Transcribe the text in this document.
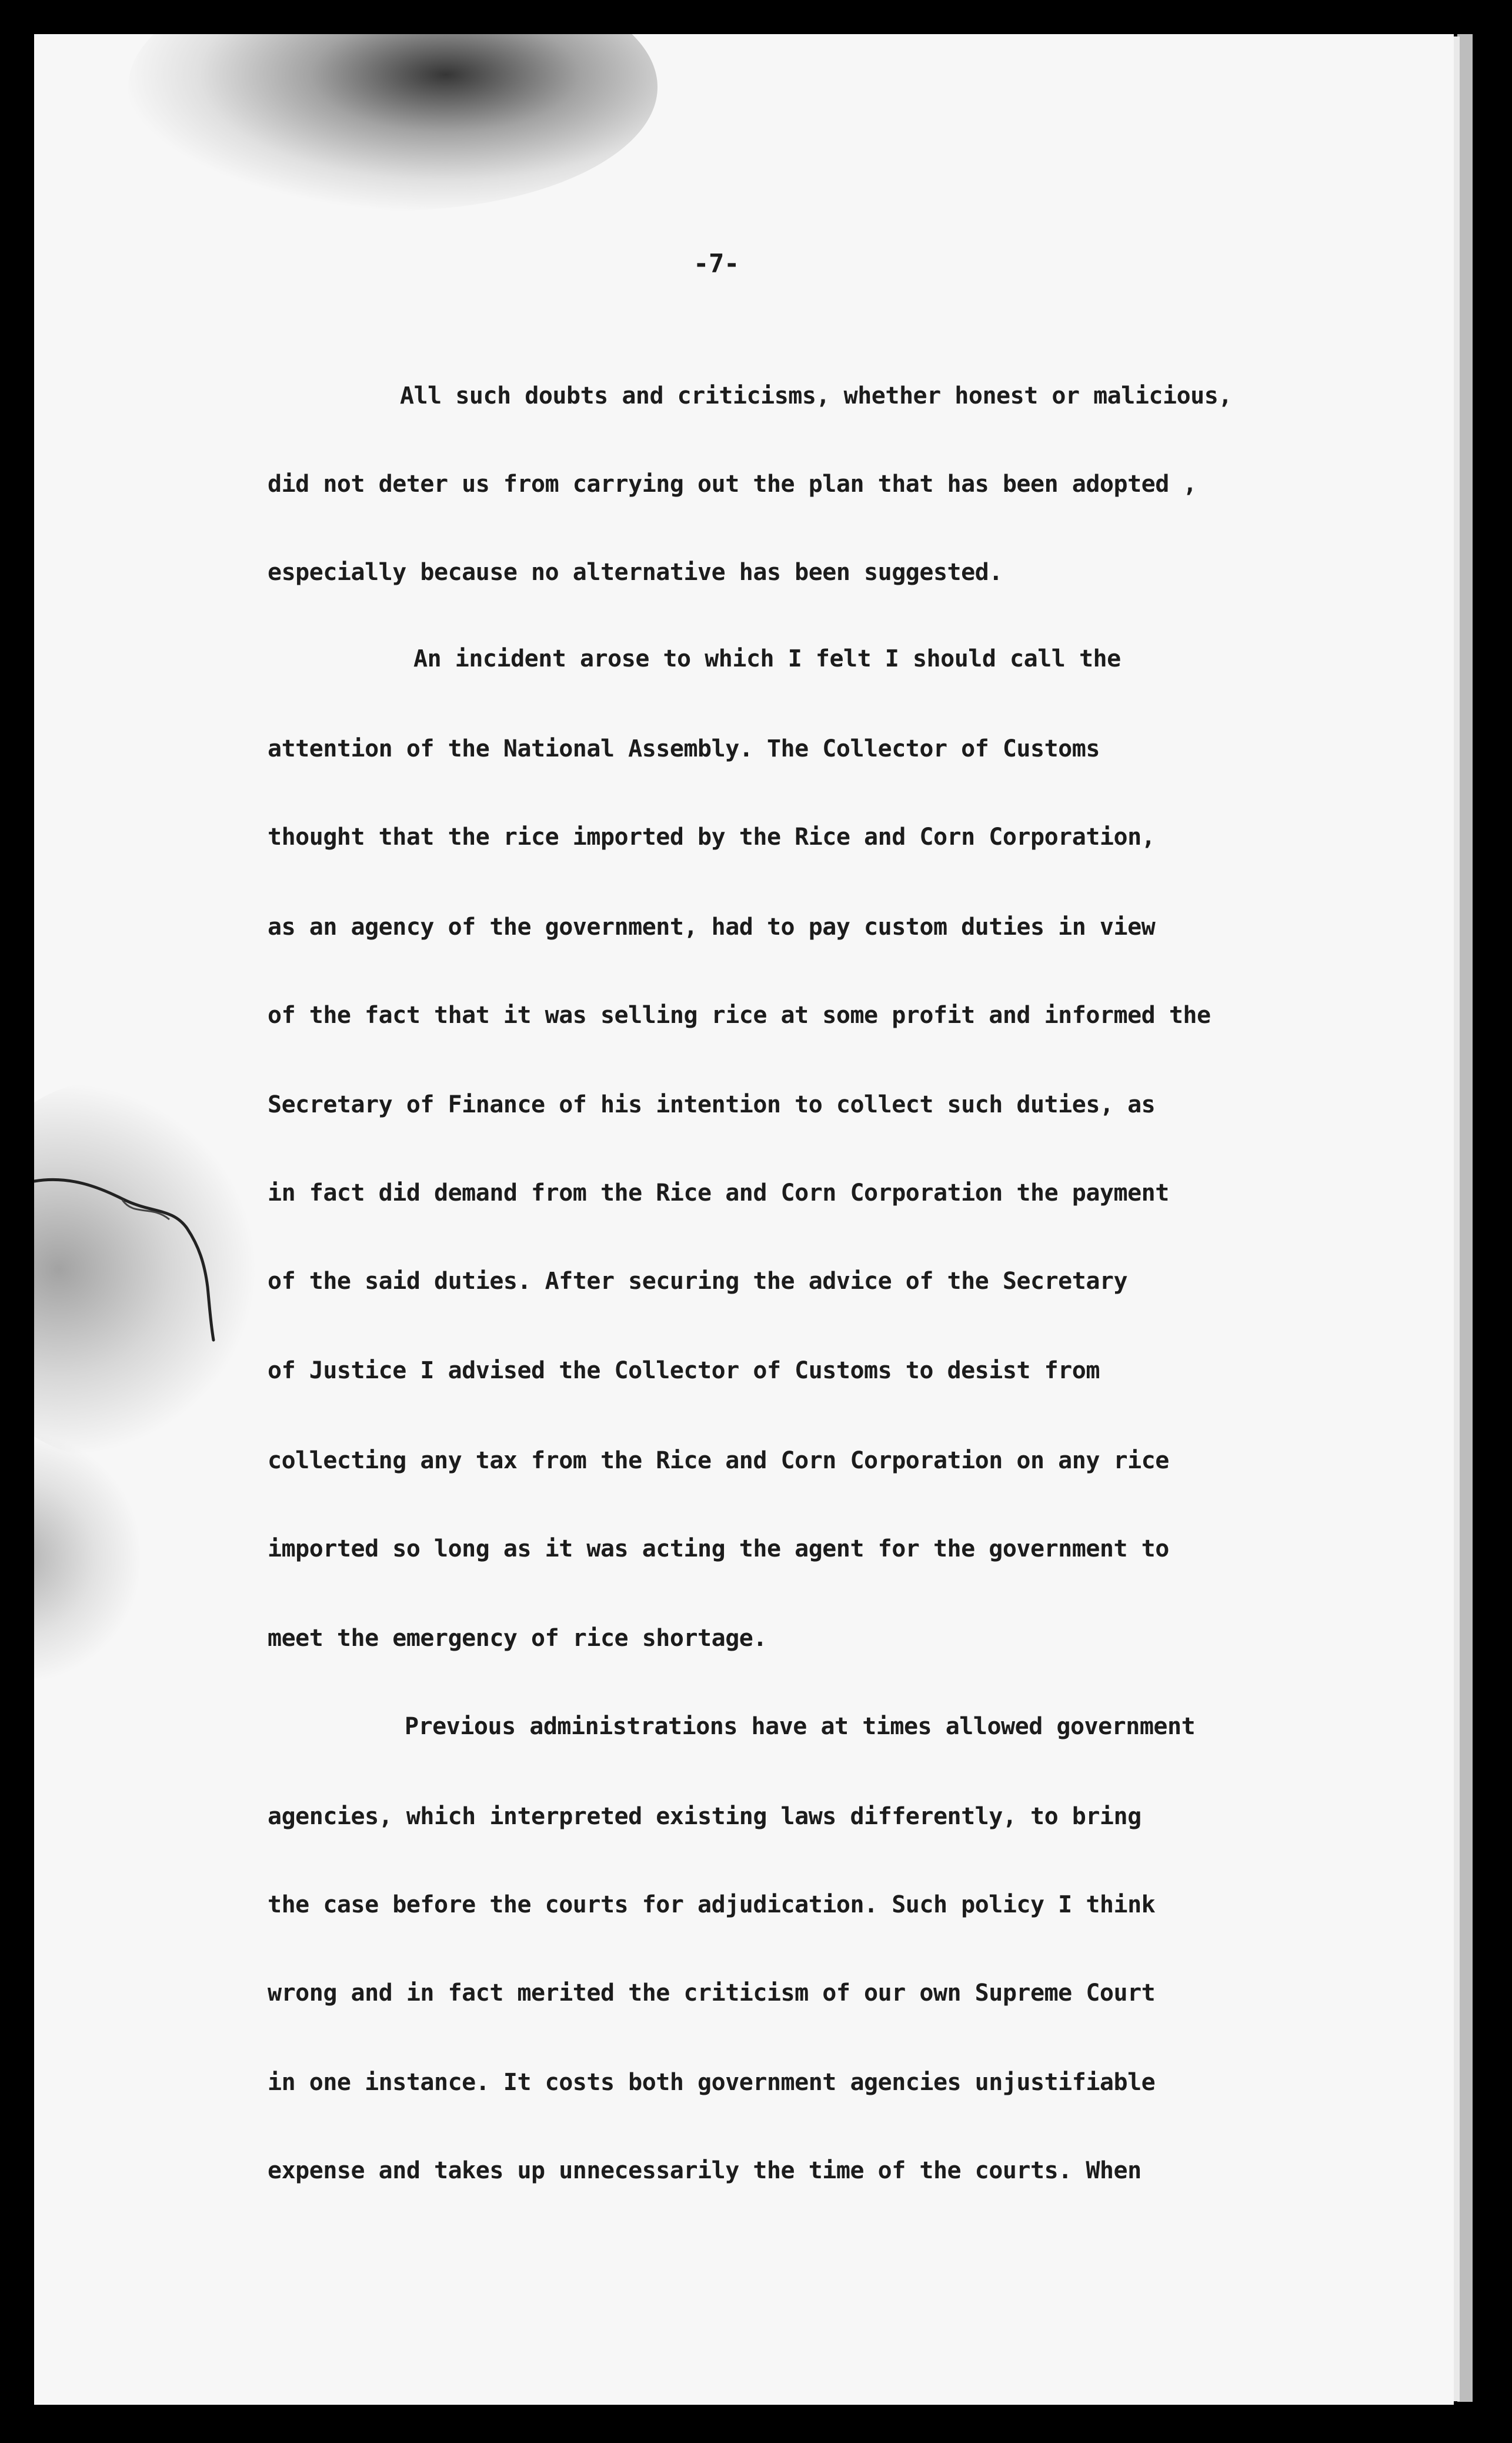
-7-
All such doubts and criticisms, whether honest or malicious,
did not deter us from carrying out the plan that has been adopted ,
especially because no alternative has been suggested.
An incident arose to which I felt I should call the
attention of the National Assembly. The Collector of Customs
thought that the rice imported by the Rice and Corn Corporation,
as an agency of the government, had to pay custom duties in view
of the fact that it was selling rice at some profit and informed the
Secretary of Finance of his intention to collect such duties, as
in fact did demand from the Rice and Corn Corporation the payment
of the said duties. After securing the advice of the Secretary
of Justice I advised the Collector of Customs to desist from
collecting any tax from the Rice and Corn Corporation on any rice
imported so long as it was acting the agent for the government to
meet the emergency of rice shortage.
Previous administrations have at times allowed government
agencies, which interpreted existing laws differently, to bring
the case before the courts for adjudication. Such policy I think
wrong and in fact merited the criticism of our own Supreme Court
in one instance. It costs both government agencies unjustifiable
expense and takes up unnecessarily the time of the courts. When
